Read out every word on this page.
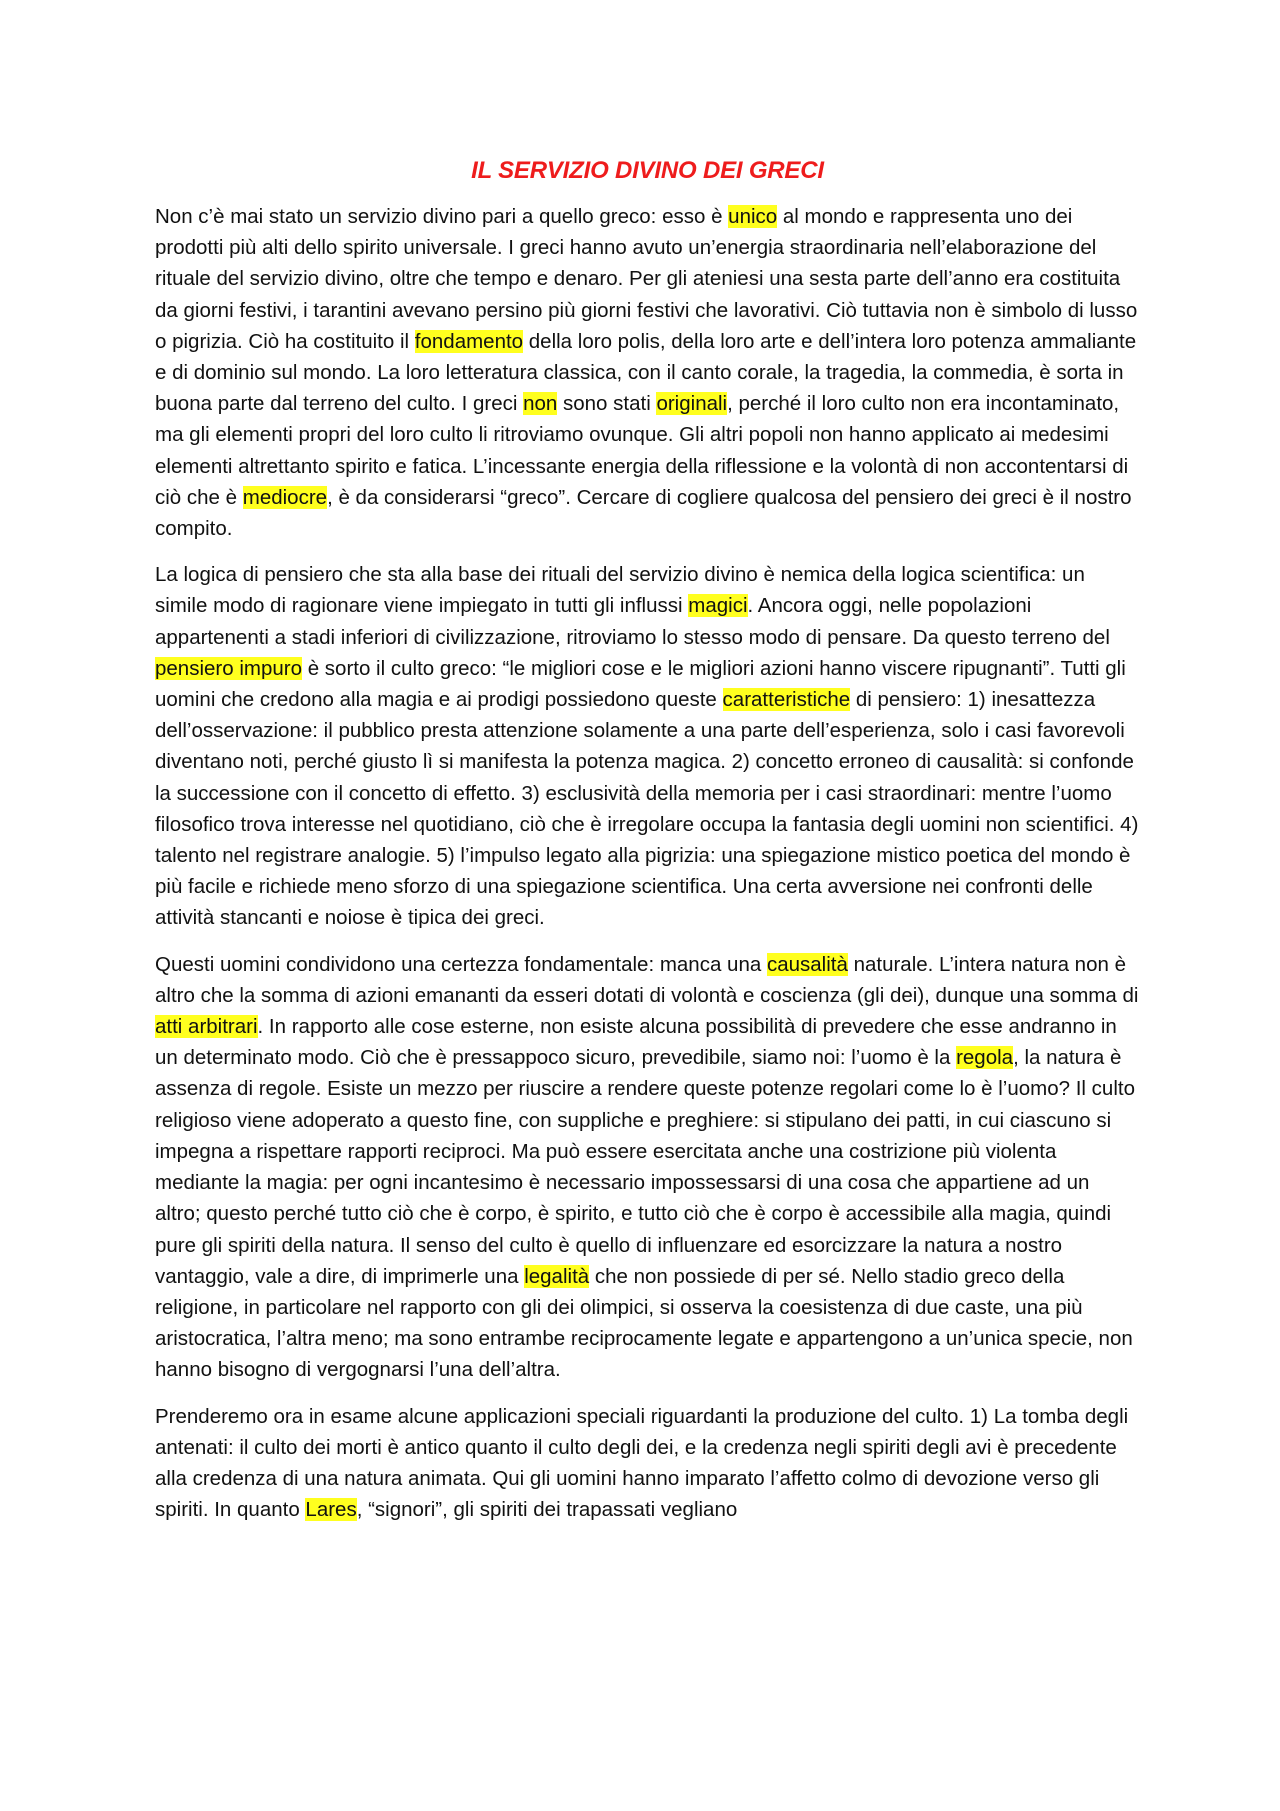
IL SERVIZIO DIVINO DEI GRECI

Non c’è mai stato un servizio divino pari a quello greco: esso è unico al mondo e rappresenta uno dei prodotti più alti dello spirito universale. I greci hanno avuto un’energia straordinaria nell’elaborazione del rituale del servizio divino, oltre che tempo e denaro. Per gli ateniesi una sesta parte dell’anno era costituita da giorni festivi, i tarantini avevano persino più giorni festivi che lavorativi. Ciò tuttavia non è simbolo di lusso o pigrizia. Ciò ha costituito il fondamento della loro polis, della loro arte e dell’intera loro potenza ammaliante e di dominio sul mondo. La loro letteratura classica, con il canto corale, la tragedia, la commedia, è sorta in buona parte dal terreno del culto. I greci non sono stati originali, perché il loro culto non era incontaminato, ma gli elementi propri del loro culto li ritroviamo ovunque. Gli altri popoli non hanno applicato ai medesimi elementi altrettanto spirito e fatica. L’incessante energia della riflessione e la volontà di non accontentarsi di ciò che è mediocre, è da considerarsi “greco”. Cercare di cogliere qualcosa del pensiero dei greci è il nostro compito.

La logica di pensiero che sta alla base dei rituali del servizio divino è nemica della logica scientifica: un simile modo di ragionare viene impiegato in tutti gli influssi magici. Ancora oggi, nelle popolazioni appartenenti a stadi inferiori di civilizzazione, ritroviamo lo stesso modo di pensare. Da questo terreno del pensiero impuro è sorto il culto greco: “le migliori cose e le migliori azioni hanno viscere ripugnanti”. Tutti gli uomini che credono alla magia e ai prodigi possiedono queste caratteristiche di pensiero: 1) inesattezza dell’osservazione: il pubblico presta attenzione solamente a una parte dell’esperienza, solo i casi favorevoli diventano noti, perché giusto lì si manifesta la potenza magica. 2) concetto erroneo di causalità: si confonde la successione con il concetto di effetto. 3) esclusività della memoria per i casi straordinari: mentre l’uomo filosofico trova interesse nel quotidiano, ciò che è irregolare occupa la fantasia degli uomini non scientifici. 4) talento nel registrare analogie. 5) l’impulso legato alla pigrizia: una spiegazione mistico poetica del mondo è più facile e richiede meno sforzo di una spiegazione scientifica. Una certa avversione nei confronti delle attività stancanti e noiose è tipica dei greci.

Questi uomini condividono una certezza fondamentale: manca una causalità naturale. L’intera natura non è altro che la somma di azioni emananti da esseri dotati di volontà e coscienza (gli dei), dunque una somma di atti arbitrari. In rapporto alle cose esterne, non esiste alcuna possibilità di prevedere che esse andranno in un determinato modo. Ciò che è pressappoco sicuro, prevedibile, siamo noi: l’uomo è la regola, la natura è assenza di regole. Esiste un mezzo per riuscire a rendere queste potenze regolari come lo è l’uomo? Il culto religioso viene adoperato a questo fine, con suppliche e preghiere: si stipulano dei patti, in cui ciascuno si impegna a rispettare rapporti reciproci. Ma può essere esercitata anche una costrizione più violenta mediante la magia: per ogni incantesimo è necessario impossessarsi di una cosa che appartiene ad un altro; questo perché tutto ciò che è corpo, è spirito, e tutto ciò che è corpo è accessibile alla magia, quindi pure gli spiriti della natura. Il senso del culto è quello di influenzare ed esorcizzare la natura a nostro vantaggio, vale a dire, di imprimerle una legalità che non possiede di per sé. Nello stadio greco della religione, in particolare nel rapporto con gli dei olimpici, si osserva la coesistenza di due caste, una più aristocratica, l’altra meno; ma sono entrambe reciprocamente legate e appartengono a un’unica specie, non hanno bisogno di vergognarsi l’una dell’altra.

Prenderemo ora in esame alcune applicazioni speciali riguardanti la produzione del culto. 1) La tomba degli antenati: il culto dei morti è antico quanto il culto degli dei, e la credenza negli spiriti degli avi è precedente alla credenza di una natura animata. Qui gli uomini hanno imparato l’affetto colmo di devozione verso gli spiriti. In quanto Lares, “signori”, gli spiriti dei trapassati vegliano
